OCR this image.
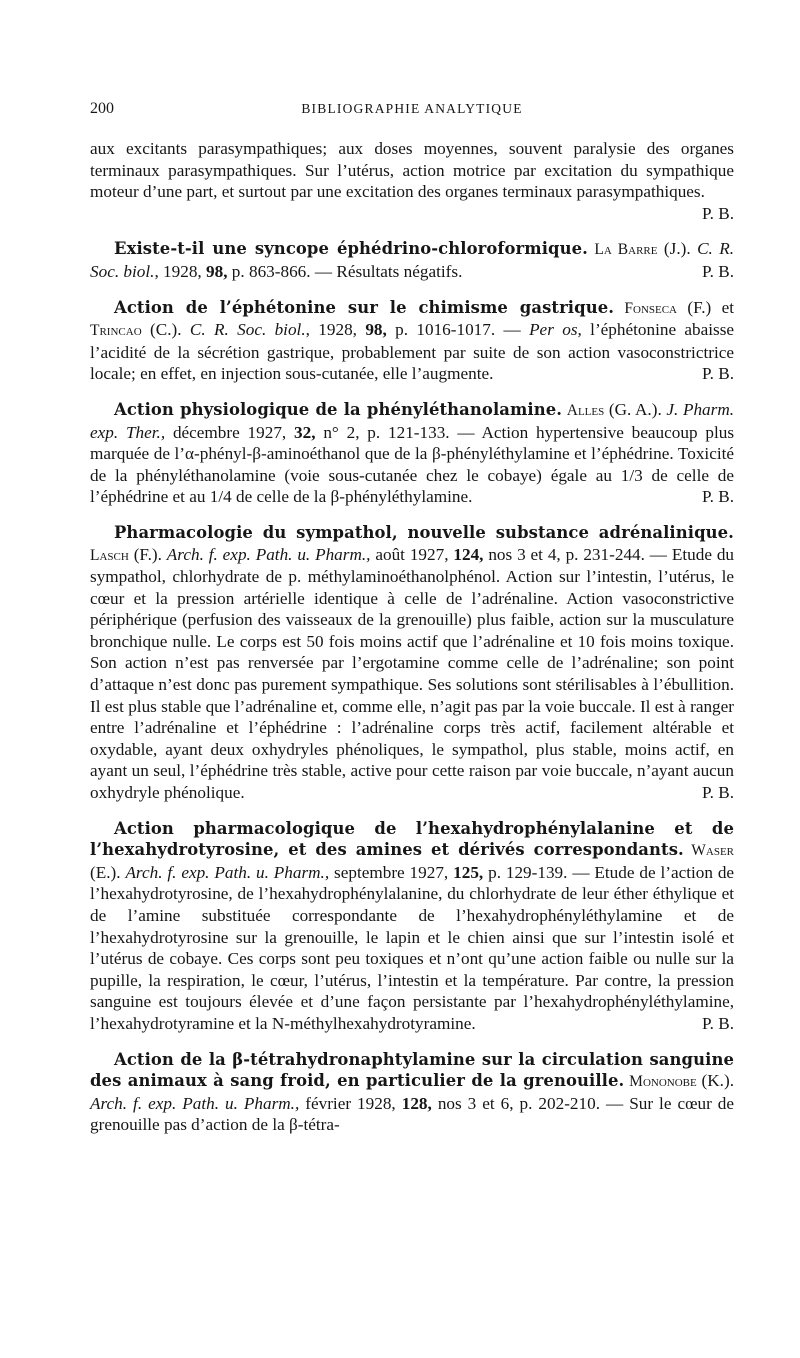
200	BIBLIOGRAPHIE ANALYTIQUE

aux excitants parasympathiques; aux doses moyennes, souvent paralysie des organes terminaux parasympathiques. Sur l’utérus, action motrice par excitation du sympathique moteur d’une part, et surtout par une excitation des organes terminaux parasympathiques.
P. B.

Existe-t-il une syncope éphédrino-chloroformique. La Barre (J.). C. R. Soc. biol., 1928, 98, p. 863-866. — Résultats négatifs.	P. B.

Action de l’éphétonine sur le chimisme gastrique. Fonseca (F.) et Trincao (C.). C. R. Soc. biol., 1928, 98, p. 1016-1017. — Per os, l’éphétonine abaisse l’acidité de la sécrétion gastrique, probablement par suite de son action vasoconstrictrice locale; en effet, en injection sous-cutanée, elle l’augmente.	P. B.

Action physiologique de la phényléthanolamine. Alles (G. A.). J. Pharm. exp. Ther., décembre 1927, 32, n° 2, p. 121-133. — Action hypertensive beaucoup plus marquée de l’α-phényl-β-aminoéthanol que de la β-phényléthylamine et l’éphédrine. Toxicité de la phényléthanolamine (voie sous-cutanée chez le cobaye) égale au 1/3 de celle de l’éphédrine et au 1/4 de celle de la β-phényléthylamine.	P. B.

Pharmacologie du sympathol, nouvelle substance adrénalinique. Lasch (F.). Arch. f. exp. Path. u. Pharm., août 1927, 124, nos 3 et 4, p. 231-244. — Etude du sympathol, chlorhydrate de p. méthylaminoéthanolphénol. Action sur l’intestin, l’utérus, le cœur et la pression artérielle identique à celle de l’adrénaline. Action vasoconstrictive périphérique (perfusion des vaisseaux de la grenouille) plus faible, action sur la musculature bronchique nulle. Le corps est 50 fois moins actif que l’adrénaline et 10 fois moins toxique. Son action n’est pas renversée par l’ergotamine comme celle de l’adrénaline; son point d’attaque n’est donc pas purement sympathique. Ses solutions sont stérilisables à l’ébullition. Il est plus stable que l’adrénaline et, comme elle, n’agit pas par la voie buccale. Il est à ranger entre l’adrénaline et l’éphédrine : l’adrénaline corps très actif, facilement altérable et oxydable, ayant deux oxhydryles phénoliques, le sympathol, plus stable, moins actif, en ayant un seul, l’éphédrine très stable, active pour cette raison par voie buccale, n’ayant aucun oxhydryle phénolique.	P. B.

Action pharmacologique de l’hexahydrophénylalanine et de l’hexahydrotyrosine, et des amines et dérivés correspondants. Waser (E.). Arch. f. exp. Path. u. Pharm., septembre 1927, 125, p. 129-139. — Etude de l’action de l’hexahydrotyrosine, de l’hexahydrophénylalanine, du chlorhydrate de leur éther éthylique et de l’amine substituée correspondante de l’hexahydrophényléthylamine et de l’hexahydrotyrosine sur la grenouille, le lapin et le chien ainsi que sur l’intestin isolé et l’utérus de cobaye. Ces corps sont peu toxiques et n’ont qu’une action faible ou nulle sur la pupille, la respiration, le cœur, l’utérus, l’intestin et la température. Par contre, la pression sanguine est toujours élevée et d’une façon persistante par l’hexahydrophényléthylamine, l’hexahydrotyramine et la N-méthylhexahydrotyramine.	P. B.

Action de la β-tétrahydronaphtylamine sur la circulation sanguine des animaux à sang froid, en particulier de la grenouille. Mononobe (K.). Arch. f. exp. Path. u. Pharm., février 1928, 128, nos 3 et 6, p. 202-210. — Sur le cœur de grenouille pas d’action de la β-tétra-
